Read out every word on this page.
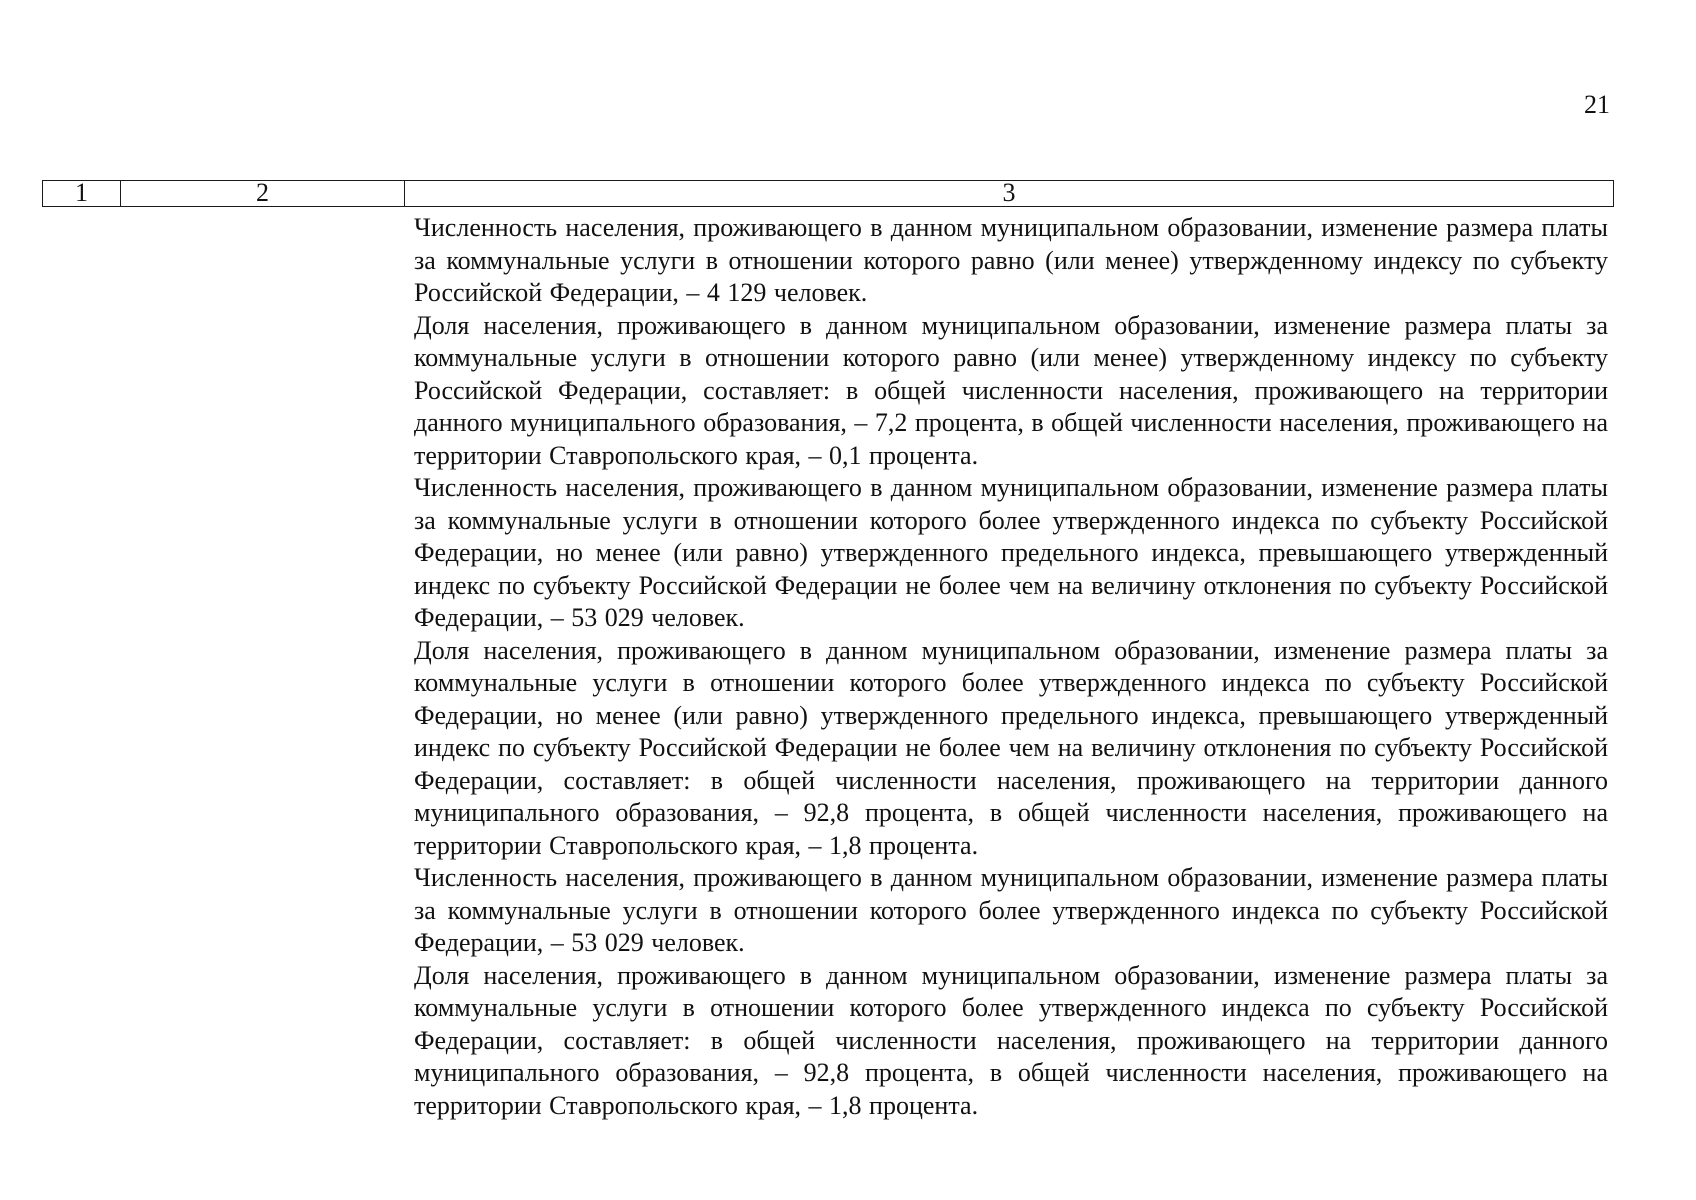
21
1	2	3

Численность населения, проживающего в данном муниципальном образовании, изменение размера платы за коммунальные услуги в отношении которого равно (или менее) утвержденному индексу по субъекту Российской Федерации, – 4 129 человек.

Доля населения, проживающего в данном муниципальном образовании, изменение размера платы за коммунальные услуги в отношении которого равно (или менее) утвержденному индексу по субъекту Российской Федерации, составляет: в общей численности населения, проживающего на территории данного муниципального образования, – 7,2 процента, в общей численности населения, проживающего на территории Ставропольского края, – 0,1 процента.

Численность населения, проживающего в данном муниципальном образовании, изменение размера платы за коммунальные услуги в отношении которого более утвержденного индекса по субъекту Российской Федерации, но менее (или равно) утвержденного предельного индекса, превышающего утвержденный индекс по субъекту Российской Федерации не более чем на величину отклонения по субъекту Российской Федерации, – 53 029 человек.

Доля населения, проживающего в данном муниципальном образовании, изменение размера платы за коммунальные услуги в отношении которого более утвержденного индекса по субъекту Российской Федерации, но менее (или равно) утвержденного предельного индекса, превышающего утвержденный индекс по субъекту Российской Федерации не более чем на величину отклонения по субъекту Российской Федерации, составляет: в общей численности населения, проживающего на территории данного муниципального образования, – 92,8 процента, в общей численности населения, проживающего на территории Ставропольского края, – 1,8 процента.

Численность населения, проживающего в данном муниципальном образовании, изменение размера платы за коммунальные услуги в отношении которого более утвержденного индекса по субъекту Российской Федерации, – 53 029 человек.

Доля населения, проживающего в данном муниципальном образовании, изменение размера платы за коммунальные услуги в отношении которого более утвержденного индекса по субъекту Российской Федерации, составляет: в общей численности населения, проживающего на территории данного муниципального образования, – 92,8 процента, в общей численности населения, проживающего на территории Ставропольского края, – 1,8 процента.
